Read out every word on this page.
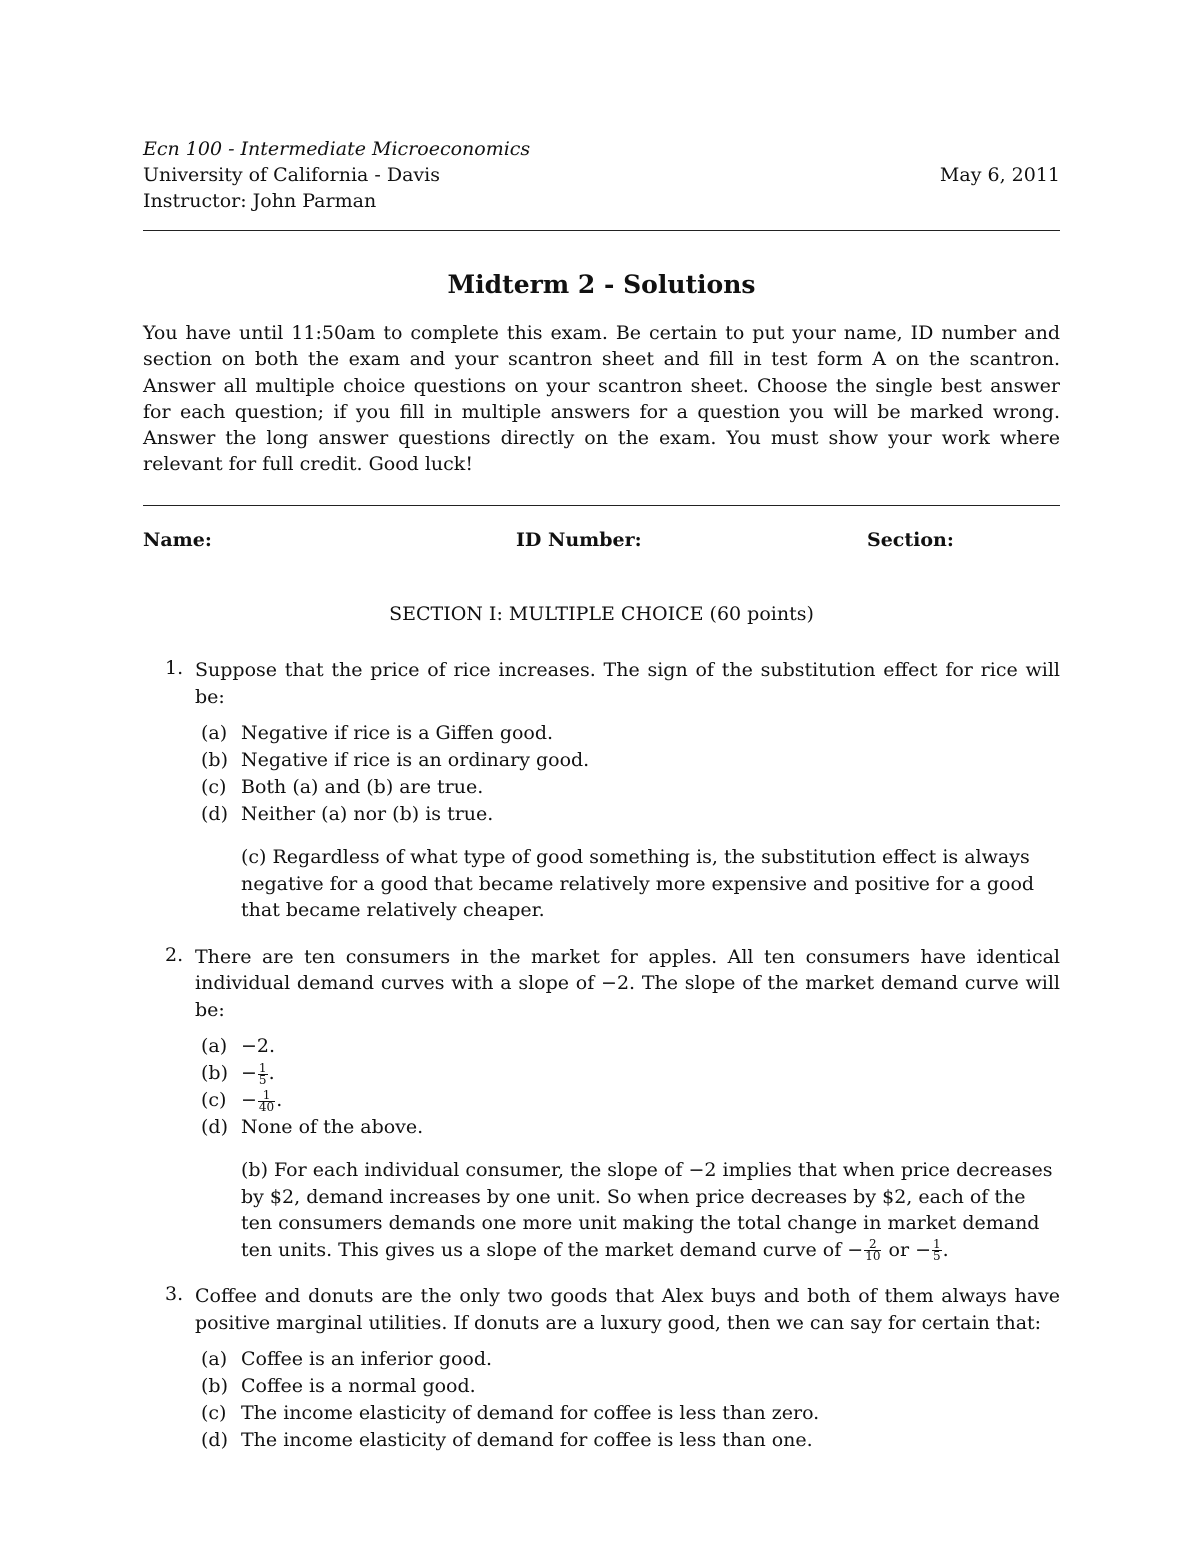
Ecn 100 - Intermediate Microeconomics
University of California - Davis	May 6, 2011
Instructor: John Parman
Midterm 2 - Solutions
You have until 11:50am to complete this exam. Be certain to put your name, ID number and section on both the exam and your scantron sheet and fill in test form A on the scantron. Answer all multiple choice questions on your scantron sheet. Choose the single best answer for each question; if you fill in multiple answers for a question you will be marked wrong. Answer the long answer questions directly on the exam. You must show your work where relevant for full credit. Good luck!
Name:	ID Number:	Section:
SECTION I: MULTIPLE CHOICE (60 points)
1. Suppose that the price of rice increases. The sign of the substitution effect for rice will be:
(a) Negative if rice is a Giffen good.
(b) Negative if rice is an ordinary good.
(c) Both (a) and (b) are true.
(d) Neither (a) nor (b) is true.
(c) Regardless of what type of good something is, the substitution effect is always negative for a good that became relatively more expensive and positive for a good that became relatively cheaper.
2. There are ten consumers in the market for apples. All ten consumers have identical individual demand curves with a slope of −2. The slope of the market demand curve will be:
(a) −2.
$(b) - \frac{1}{5}$ .
$(c) - \frac{1}{40}$ .
(d) None of the above.
(b) For each individual consumer, the slope of −2 implies that when price decreases by $2, demand increases by one unit. So when price decreases by $2, each of the ten consumers demands one more unit making the total change in market demand ten units. This gives us a slope of the market demand curve of − $\frac{2}{10}$ or − $\frac{1}{5}$ .
3. Coffee and donuts are the only two goods that Alex buys and both of them always have positive marginal utilities. If donuts are a luxury good, then we can say for certain that:
(a) Coffee is an inferior good.
(b) Coffee is a normal good.
(c) The income elasticity of demand for coffee is less than zero.
(d) The income elasticity of demand for coffee is less than one.
